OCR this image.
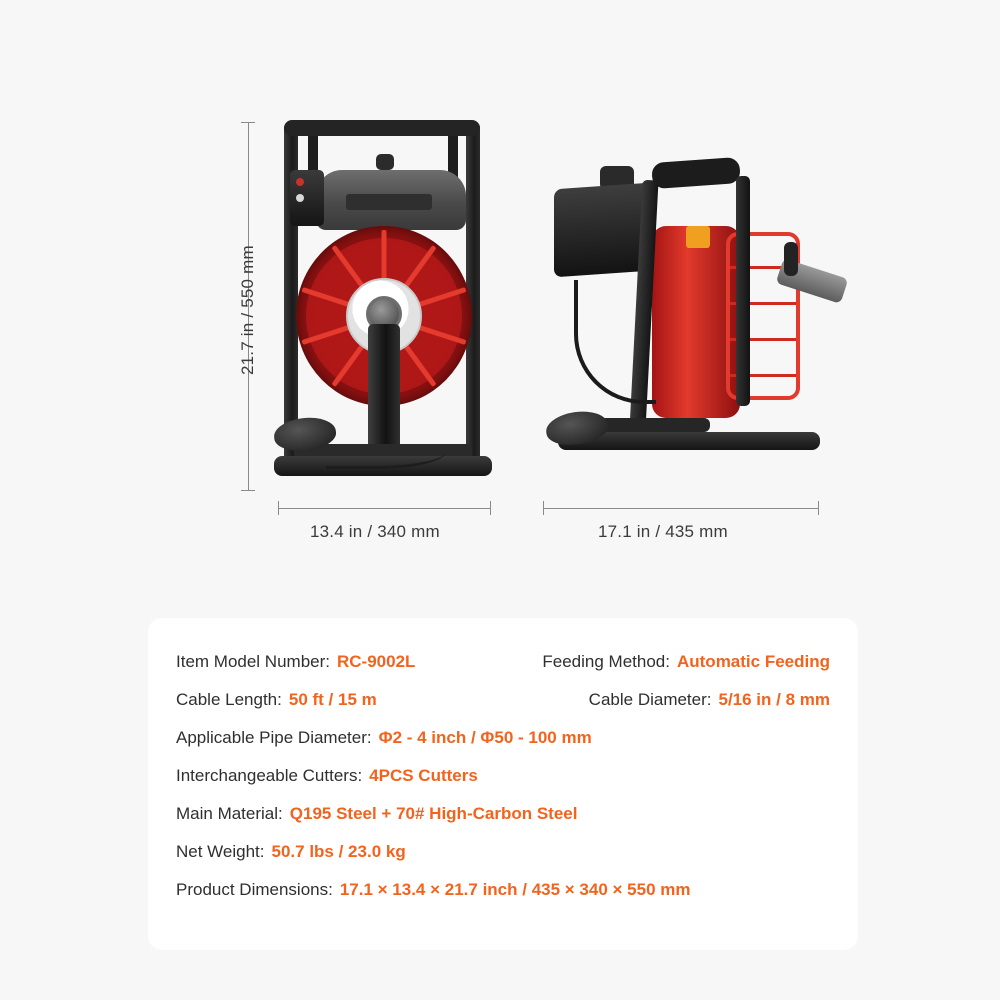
21.7 in / 550 mm
13.4 in / 340 mm	17.1 in / 435 mm
Item Model Number: RC-9002L	Feeding Method: Automatic Feeding
Cable Length: 50 ft / 15 m	Cable Diameter: 5/16 in / 8 mm
Applicable Pipe Diameter: Φ2 - 4 inch / Φ50 - 100 mm
Interchangeable Cutters: 4PCS Cutters
Main Material: Q195 Steel + 70# High-Carbon Steel
Net Weight: 50.7 lbs / 23.0 kg
Product Dimensions: 17.1 × 13.4 × 21.7 inch / 435 × 340 × 550 mm
